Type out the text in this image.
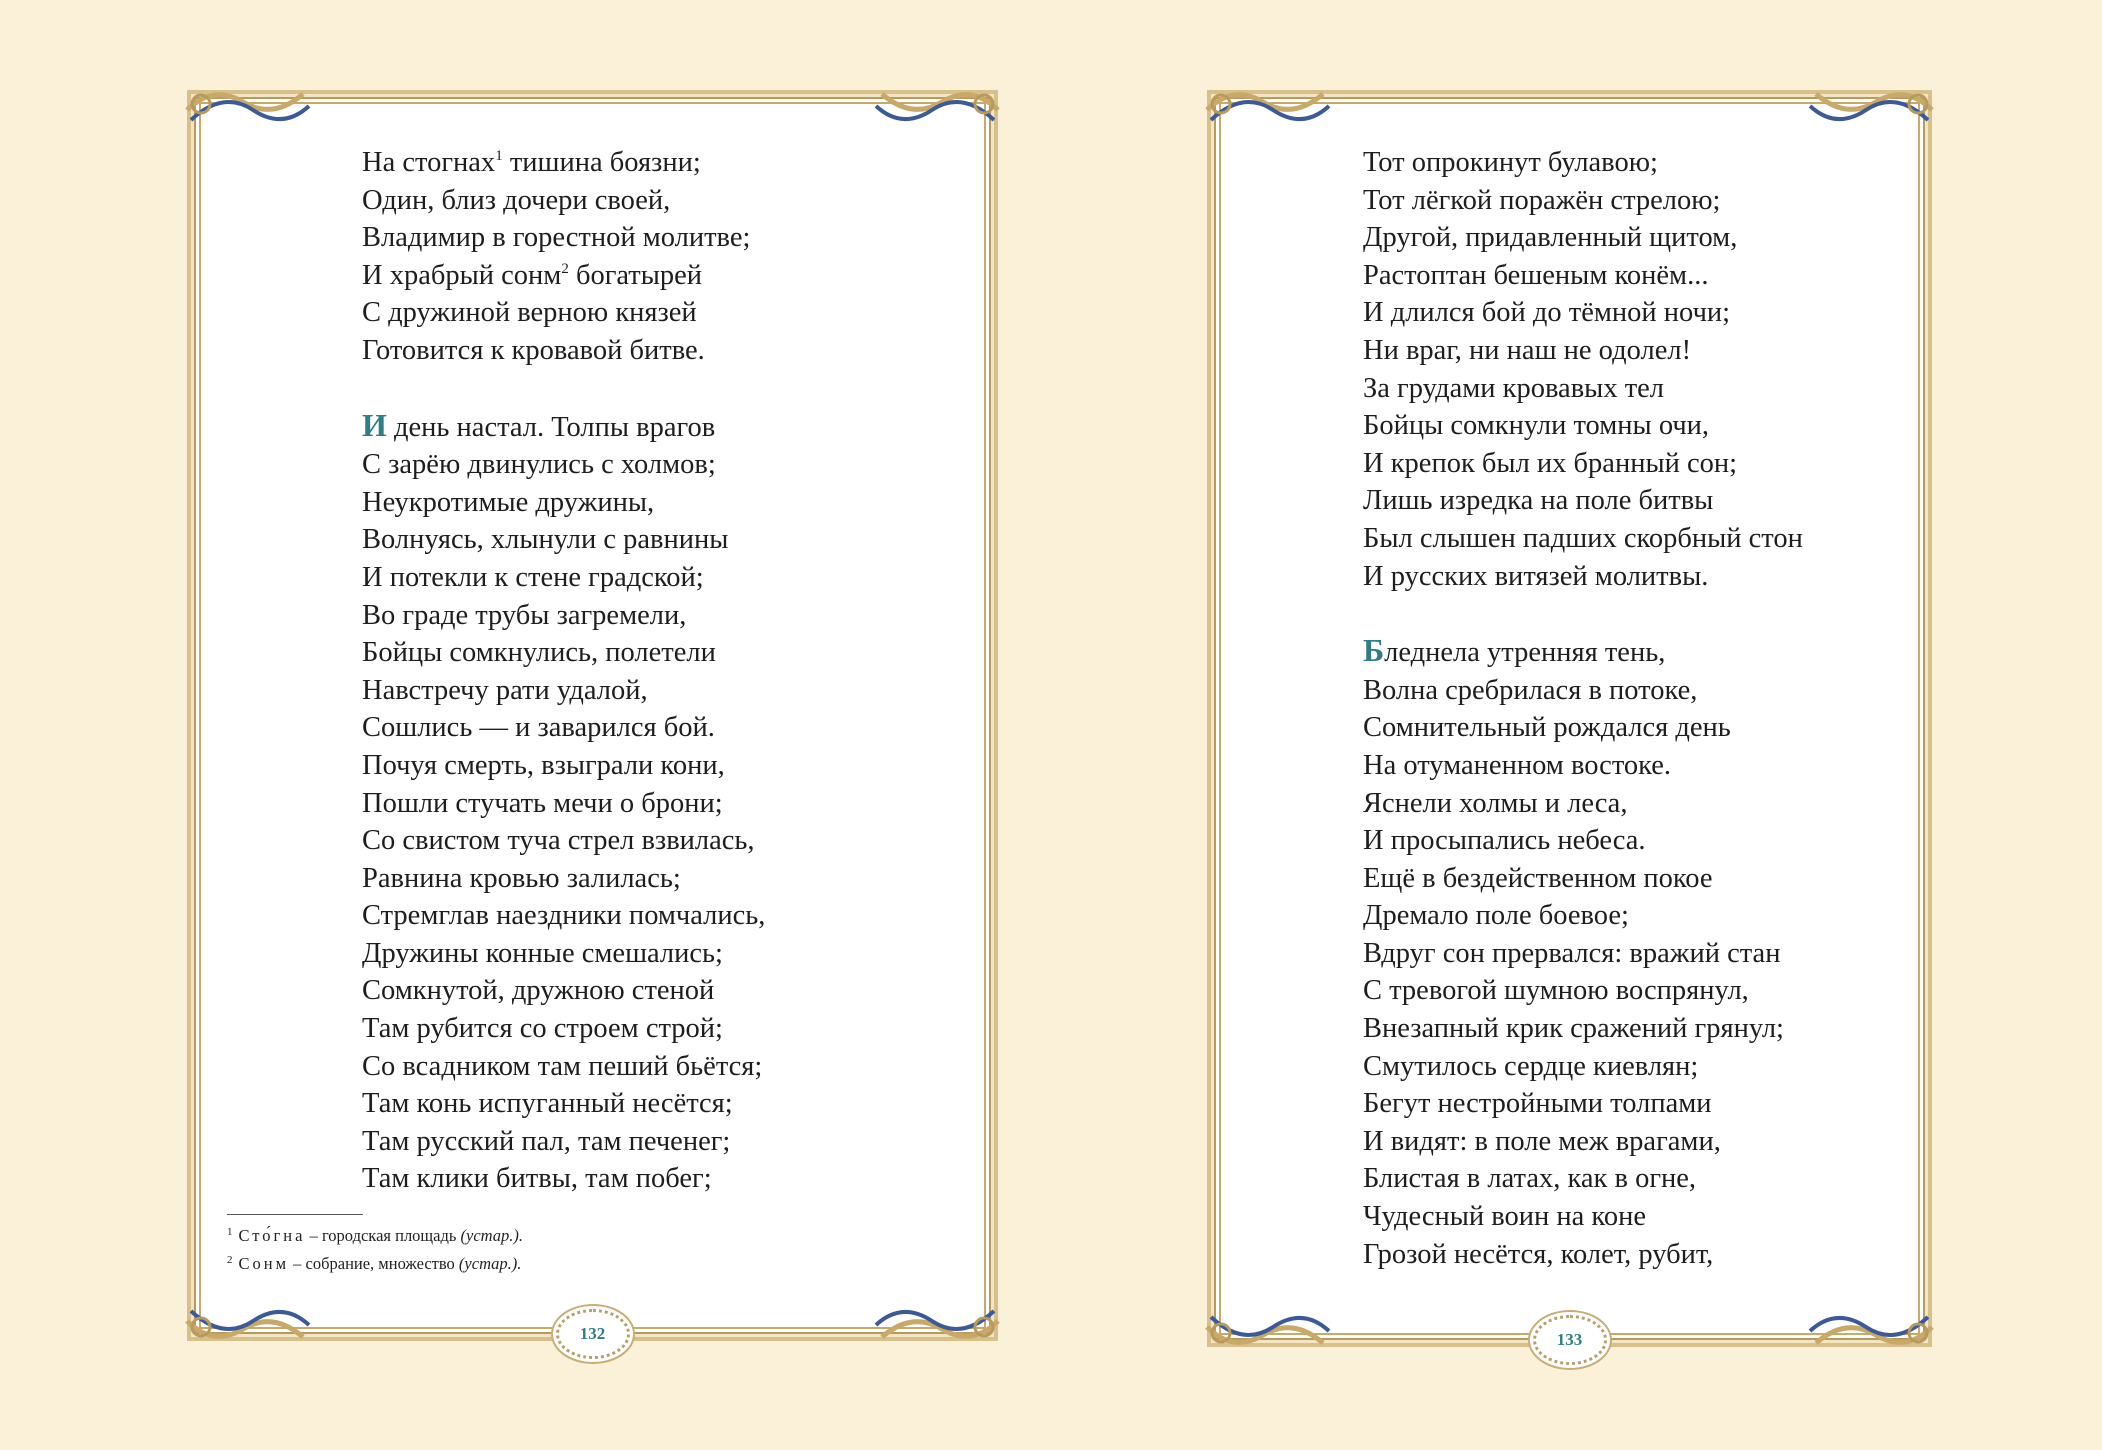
На стогнах$^1$ тишина боязни;
Один, близ дочери своей,
Владимир в горестной молитве;
И храбрый сонм$^2$ богатырей
С дружиной верною князей
Готовится к кровавой битве.
И день настал. Толпы врагов
С зарёю двинулись с холмов;
Неукротимые дружины,
Волнуясь, хлынули с равнины
И потекли к стене градской;
Во граде трубы загремели,
Бойцы сомкнулись, полетели
Навстречу рати удалой,
Сошлись — и заварился бой.
Почуя смерть, взыграли кони,
Пошли стучать мечи о брони;
Со свистом туча стрел взвилась,
Равнина кровью залилась;
Стремглав наездники помчались,
Дружины конные смешались;
Сомкнутой, дружною стеной
Там рубится со строем строй;
Со всадником там пеший бьётся;
Там конь испуганный несётся;
Там русский пал, там печенег;
Там клики битвы, там побег;
$^1$ Сто́гна – городская площадь (устар.).
$^2$ Сонм – собрание, множество (устар.).
132
Тот опрокинут булавою;
Тот лёгкой поражён стрелою;
Другой, придавленный щитом,
Растоптан бешеным конём...
И длился бой до тёмной ночи;
Ни враг, ни наш не одолел!
За грудами кровавых тел
Бойцы сомкнули томны очи,
И крепок был их бранный сон;
Лишь изредка на поле битвы
Был слышен падших скорбный стон
И русских витязей молитвы.
Бледнела утренняя тень,
Волна сребрилася в потоке,
Сомнительный рождался день
На отуманенном востоке.
Яснели холмы и леса,
И просыпались небеса.
Ещё в бездейственном покое
Дремало поле боевое;
Вдруг сон прервался: вражий стан
С тревогой шумною воспрянул,
Внезапный крик сражений грянул;
Смутилось сердце киевлян;
Бегут нестройными толпами
И видят: в поле меж врагами,
Блистая в латах, как в огне,
Чудесный воин на коне
Грозой несётся, колет, рубит,
133
